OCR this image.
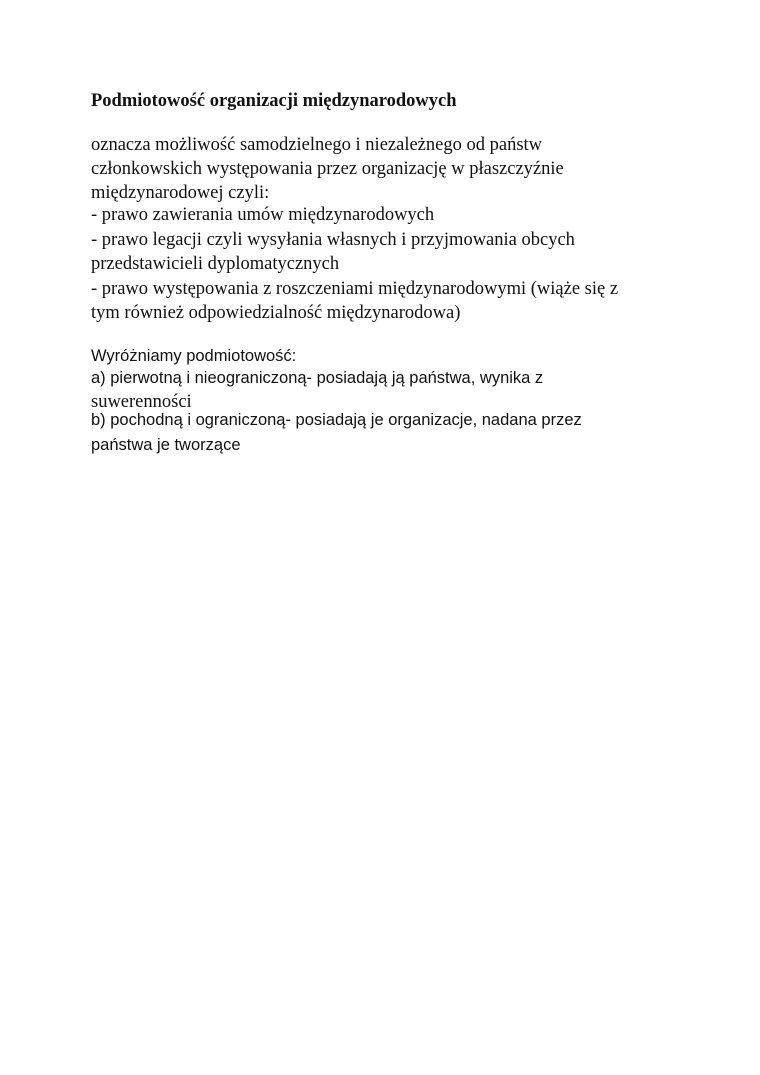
Podmiotowość organizacji międzynarodowych
oznacza możliwość samodzielnego i niezależnego od państw
członkowskich występowania przez organizację w płaszczyźnie
międzynarodowej czyli:
- prawo zawierania umów międzynarodowych
- prawo legacji czyli wysyłania własnych i przyjmowania obcych
przedstawicieli dyplomatycznych
- prawo występowania z roszczeniami międzynarodowymi (wiąże się z
tym również odpowiedzialność międzynarodowa)
Wyróżniamy podmiotowość:
a) pierwotną i nieograniczoną- posiadają ją państwa, wynika z
suwerenności
b) pochodną i ograniczoną- posiadają je organizacje, nadana przez
państwa je tworzące
